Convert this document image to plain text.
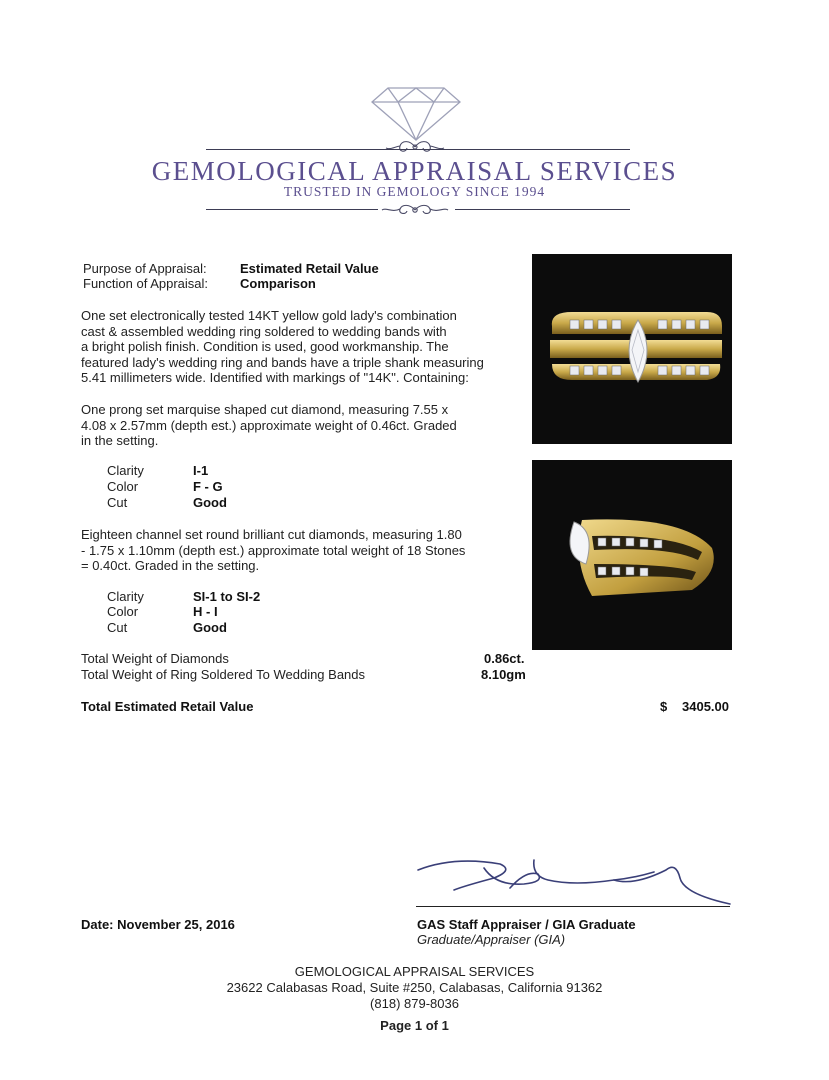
GEMOLOGICAL APPRAISAL SERVICES
TRUSTED IN GEMOLOGY SINCE 1994
Purpose of Appraisal:	Estimated Retail Value
Function of Appraisal: Comparison
One set electronically tested 14KT yellow gold lady's combination
cast & assembled wedding ring soldered to wedding bands with
a bright polish finish. Condition is used, good workmanship. The
featured lady's wedding ring and bands have a triple shank measuring
5.41 millimeters wide. Identified with markings of "14K". Containing:
One prong set marquise shaped cut diamond, measuring 7.55 x
4.08 x 2.57mm (depth est.) approximate weight of 0.46ct. Graded
in the setting.
Clarity	I-1
Color	F - G
Cut	Good
Eighteen channel set round brilliant cut diamonds, measuring 1.80
- 1.75 x 1.10mm (depth est.) approximate total weight of 18 Stones
= 0.40ct. Graded in the setting.
Clarity	SI-1 to SI-2
Color	H - I
Cut	Good
Total Weight of Diamonds	0.86ct.
Total Weight of Ring Soldered To Wedding Bands	8.10gm
Total Estimated Retail Value	$ 3405.00
Date: November 25, 2016	GAS Staff Appraiser / GIA Graduate
Graduate/Appraiser (GIA)
GEMOLOGICAL APPRAISAL SERVICES
23622 Calabasas Road, Suite #250, Calabasas, California 91362
(818) 879-8036
Page 1 of 1
